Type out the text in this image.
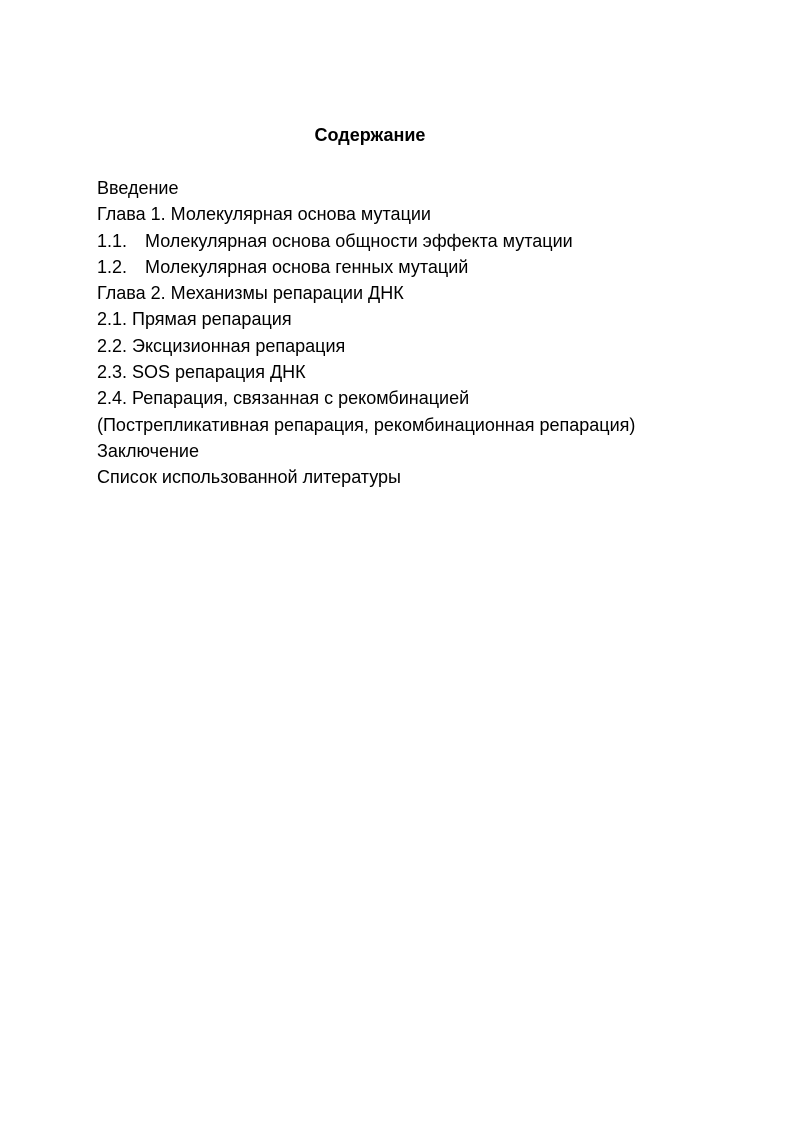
Содержание
Введение
Глава 1. Молекулярная основа мутации
1.1. Молекулярная основа общности эффекта мутации
1.2. Молекулярная основа генных мутаций
Глава 2. Механизмы репарации ДНК
2.1. Прямая репарация
2.2. Эксцизионная репарация
2.3. SOS репарация ДНК
2.4. Репарация, связанная с рекомбинацией
(Пострепликативная репарация, рекомбинационная репарация)
Заключение
Список использованной литературы
